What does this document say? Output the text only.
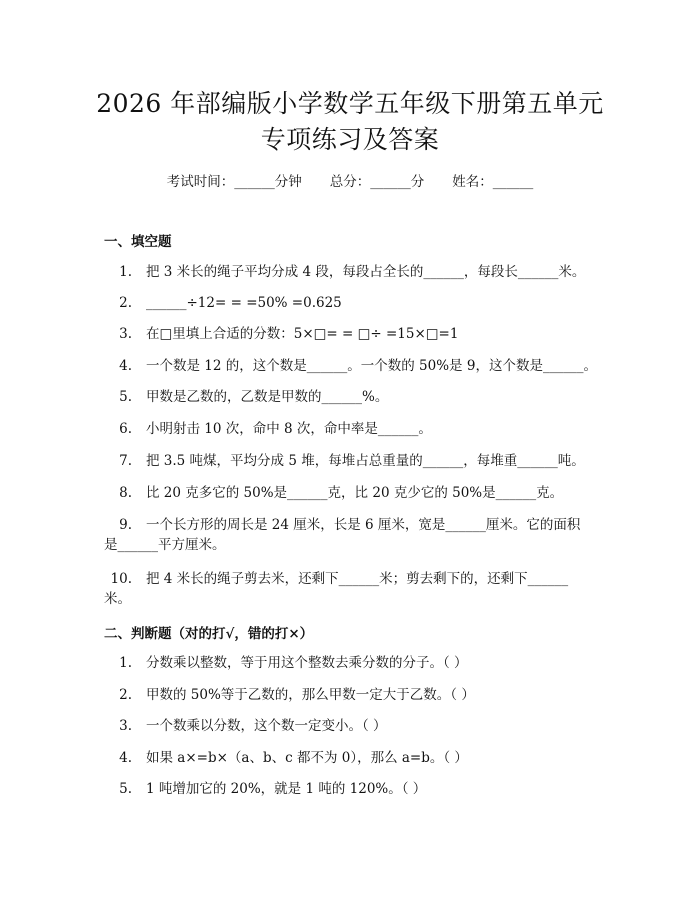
2026 年部编版小学数学五年级下册第五单元
专项练习及答案
考试时间：______分钟 总分：______分 姓名：______
一、填空题
1. 把 3 米长的绳子平均分成 4 段，每段占全长的______，每段长______米。
2. ______÷12= = =50% =0.625
3. 在□里填上合适的分数：5×□= = □÷ =15×□=1
4. 一个数是 12 的，这个数是______。一个数的 50%是 9，这个数是______。
5. 甲数是乙数的，乙数是甲数的______%。
6. 小明射击 10 次，命中 8 次，命中率是______。
7. 把 3.5 吨煤，平均分成 5 堆，每堆占总重量的______，每堆重______吨。
8. 比 20 克多它的 50%是______克，比 20 克少它的 50%是______克。
9. 一个长方形的周长是 24 厘米，长是 6 厘米，宽是______厘米。它的面积
是______平方厘米。
10. 把 4 米长的绳子剪去米，还剩下______米；剪去剩下的，还剩下______
米。
二、判断题（对的打√，错的打×）
1. 分数乘以整数，等于用这个整数去乘分数的分子。（ ）
2. 甲数的 50%等于乙数的，那么甲数一定大于乙数。（ ）
3. 一个数乘以分数，这个数一定变小。（ ）
4. 如果 a×=b×（a、b、c 都不为 0），那么 a=b。（ ）
5. 1 吨增加它的 20%，就是 1 吨的 120%。（ ）
